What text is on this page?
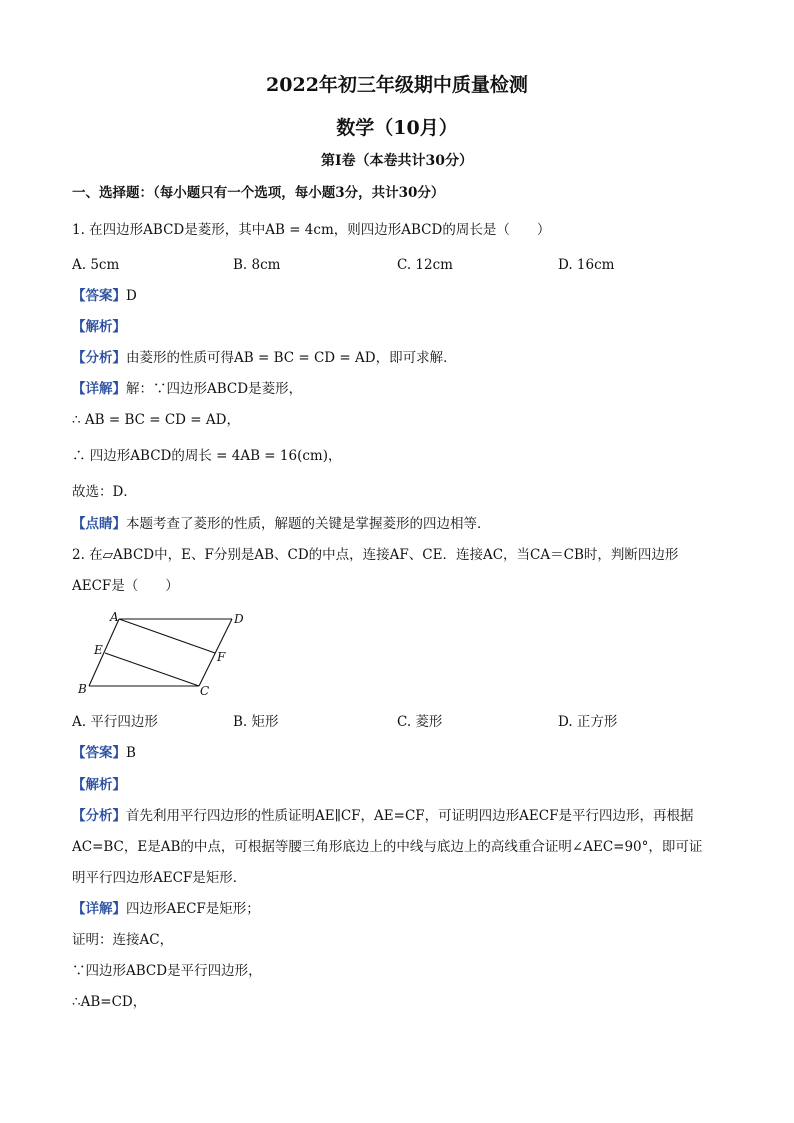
2022年初三年级期中质量检测
数学（10月）
第Ⅰ卷（本卷共计30分）
一、选择题：（每小题只有一个选项，每小题3分，共计30分）
1. 在四边形ABCD是菱形，其中AB = 4cm，则四边形ABCD的周长是（　　）
A. 5cm	B. 8cm	C. 12cm	D. 16cm
【答案】D
【解析】
【分析】由菱形的性质可得AB = BC = CD = AD，即可求解．
【详解】解：∵四边形ABCD是菱形，
∴ AB = BC = CD = AD，
∴ 四边形ABCD的周长 = 4AB = 16(cm)，
故选：D．
【点睛】本题考查了菱形的性质，解题的关键是掌握菱形的四边相等．
2. 在▱ABCD中，E、F分别是AB、CD的中点，连接AF、CE．连接AC，当CA＝CB时，判断四边形
AECF是（　　）
A	D
E	F
B	C
A. 平行四边形	B. 矩形	C. 菱形	D. 正方形
【答案】B
【解析】
【分析】首先利用平行四边形的性质证明AE∥CF，AE=CF，可证明四边形AECF是平行四边形，再根据
AC=BC，E是AB的中点，可根据等腰三角形底边上的中线与底边上的高线重合证明∠AEC=90°，即可证
明平行四边形AECF是矩形．
【详解】四边形AECF是矩形；
证明：连接AC，
∵四边形ABCD是平行四边形，
∴AB=CD，
